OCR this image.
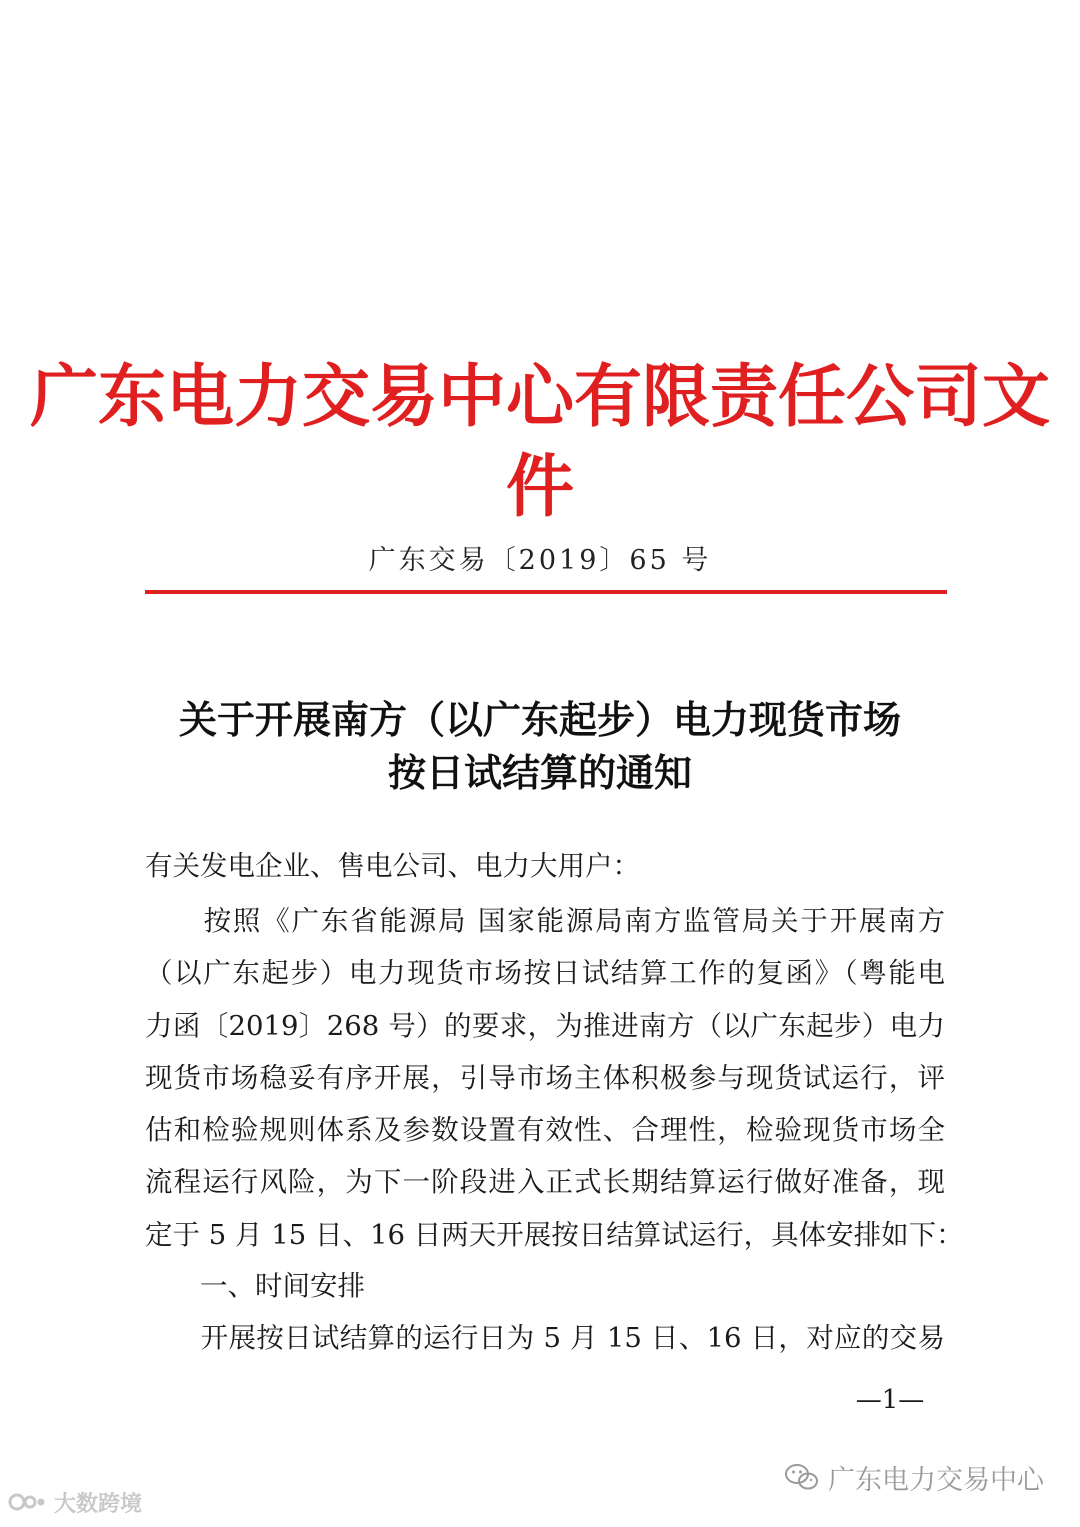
广东电力交易中心有限责任公司文件
广东交易〔2019〕65 号
关于开展南方（以广东起步）电力现货市场
按日试结算的通知
有关发电企业、售电公司、电力大用户：
　　按照《广东省能源局 国家能源局南方监管局关于开展南方
（以广东起步）电力现货市场按日试结算工作的复函》（粤能电
力函〔2019〕268 号）的要求，为推进南方（以广东起步）电力
现货市场稳妥有序开展，引导市场主体积极参与现货试运行，评
估和检验规则体系及参数设置有效性、合理性，检验现货市场全
流程运行风险，为下一阶段进入正式长期结算运行做好准备，现
定于 5 月 15 日、16 日两天开展按日结算试运行，具体安排如下：
　　一、时间安排
　　开展按日试结算的运行日为 5 月 15 日、16 日，对应的交易
—1—
广东电力交易中心
大数跨境
